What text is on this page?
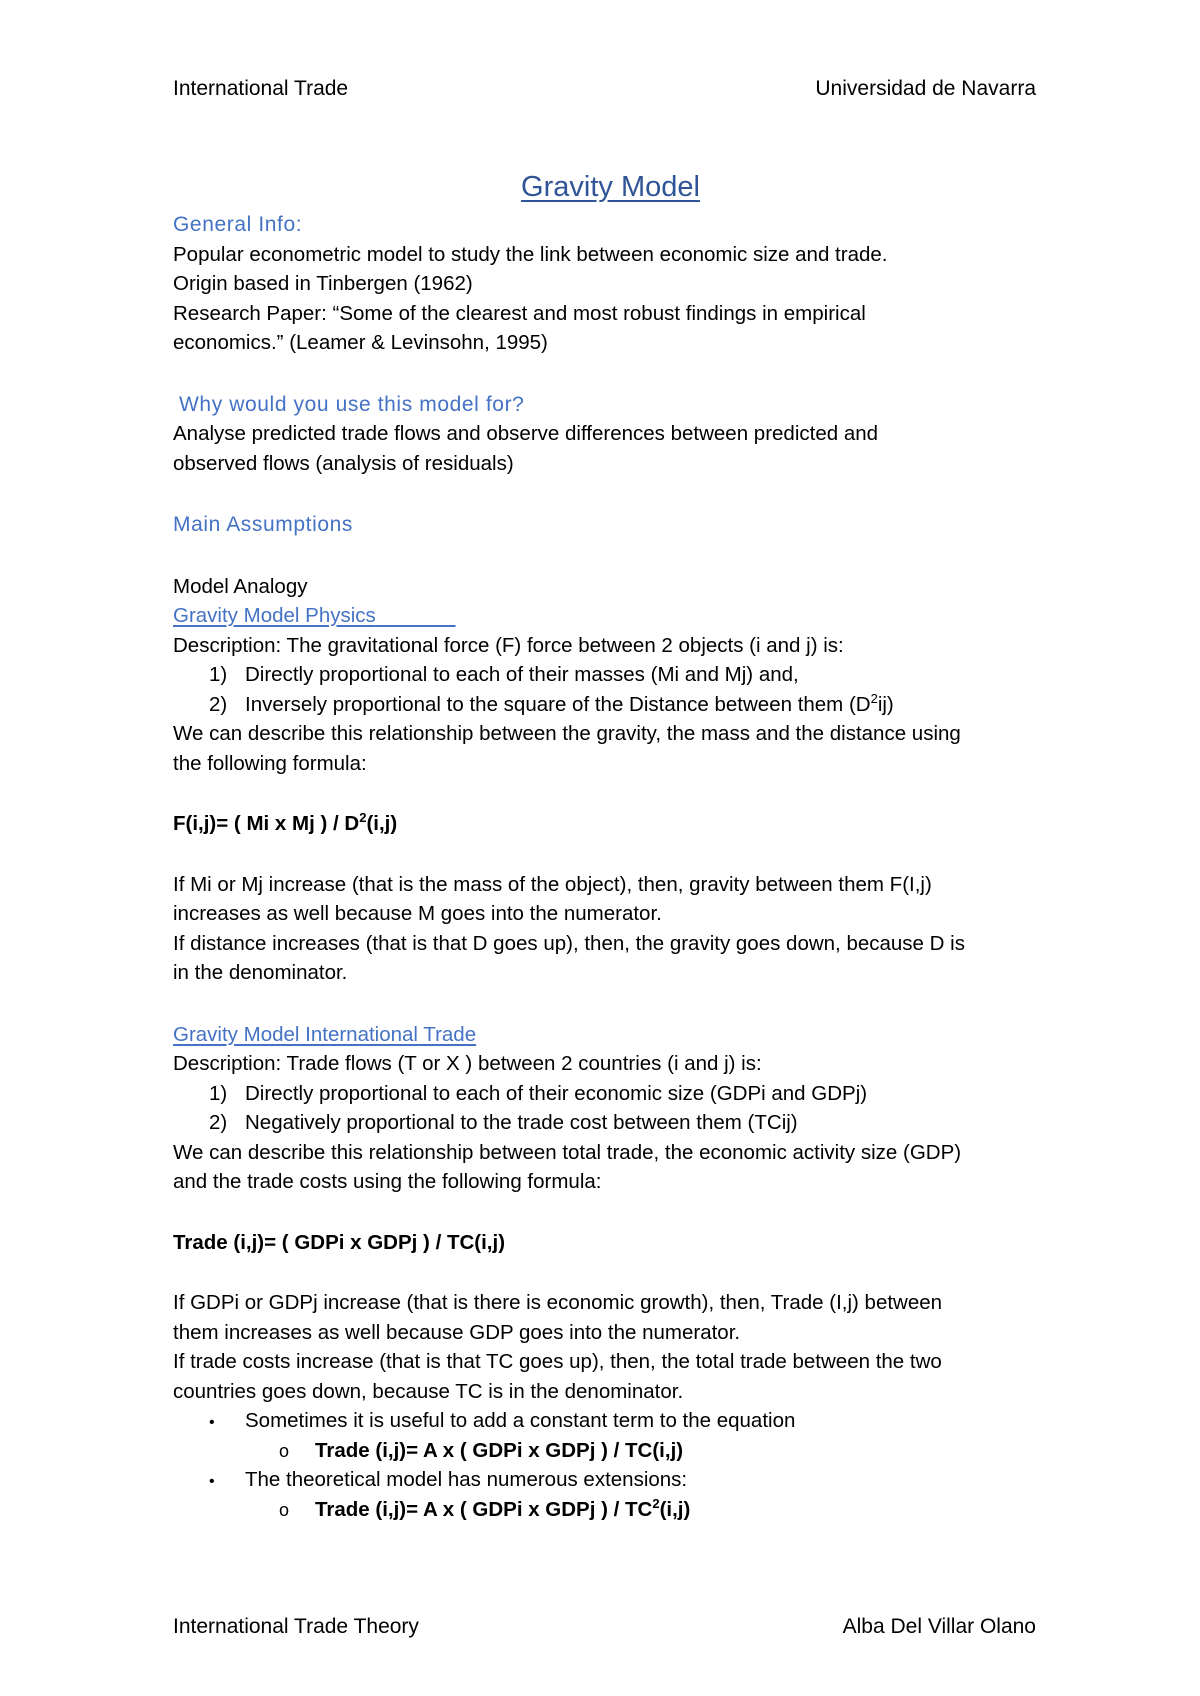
International Trade	Universidad de Navarra
Gravity Model
General Info:
Popular econometric model to study the link between economic size and trade.
Origin based in Tinbergen (1962)
Research Paper: “Some of the clearest and most robust findings in empirical
economics.” (Leamer & Levinsohn, 1995)
Why would you use this model for?
Analyse predicted trade flows and observe differences between predicted and
observed flows (analysis of residuals)
Main Assumptions
Model Analogy
Gravity Model Physics
Description: The gravitational force (F) force between 2 objects (i and j) is:
1) Directly proportional to each of their masses (Mi and Mj) and,
2) Inversely proportional to the square of the Distance between them $(D^2ij)$
We can describe this relationship between the gravity, the mass and the distance using
the following formula:
F(i,j)= ( Mi x Mj ) / $D^2(i,j)$
If Mi or Mj increase (that is the mass of the object), then, gravity between them F(I,j)
increases as well because M goes into the numerator.
If distance increases (that is that D goes up), then, the gravity goes down, because D is
in the denominator.
Gravity Model International Trade
Description: Trade flows (T or X ) between 2 countries (i and j) is:
1) Directly proportional to each of their economic size (GDPi and GDPj)
2) Negatively proportional to the trade cost between them (TCij)
We can describe this relationship between total trade, the economic activity size (GDP)
and the trade costs using the following formula:
Trade (i,j)= ( GDPi x GDPj ) / TC(i,j)
If GDPi or GDPj increase (that is there is economic growth), then, Trade (I,j) between
them increases as well because GDP goes into the numerator.
If trade costs increase (that is that TC goes up), then, the total trade between the two
countries goes down, because TC is in the denominator.
• Sometimes it is useful to add a constant term to the equation
o Trade (i,j)= A x ( GDPi x GDPj ) / TC(i,j)
• The theoretical model has numerous extensions:
o Trade (i,j)= A x ( GDPi x GDPj ) / $TC^2(i,j)$
International Trade Theory	Alba Del Villar Olano
